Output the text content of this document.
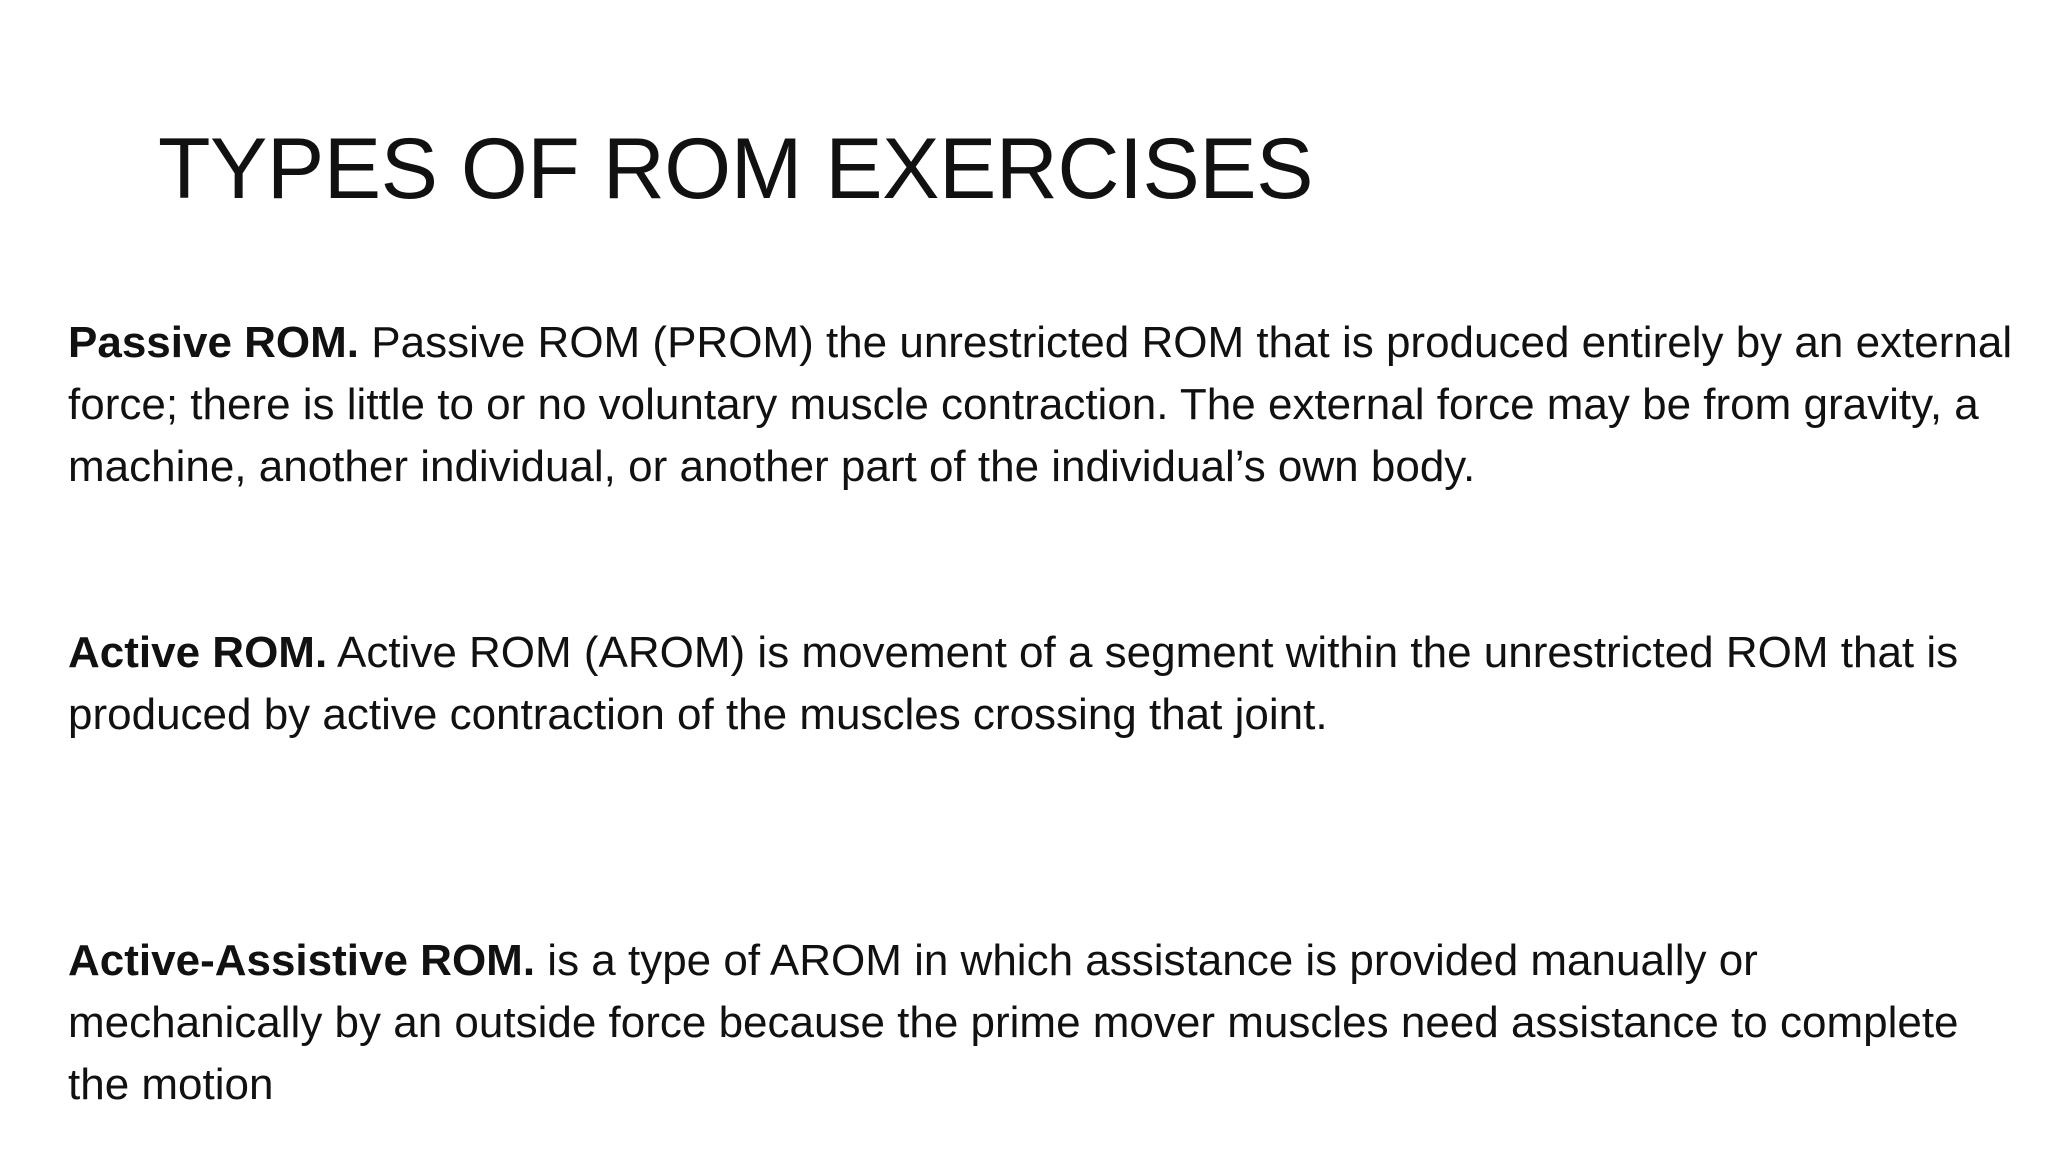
TYPES OF ROM EXERCISES

Passive ROM. Passive ROM (PROM) the unrestricted ROM that is produced entirely by an external force; there is little to or no voluntary muscle contraction. The external force may be from gravity, a machine, another individual, or another part of the individual’s own body.

Active ROM. Active ROM (AROM) is movement of a segment within the unrestricted ROM that is produced by active contraction of the muscles crossing that joint.

Active-Assistive ROM. is a type of AROM in which assistance is provided manually or mechanically by an outside force because the prime mover muscles need assistance to complete the motion
